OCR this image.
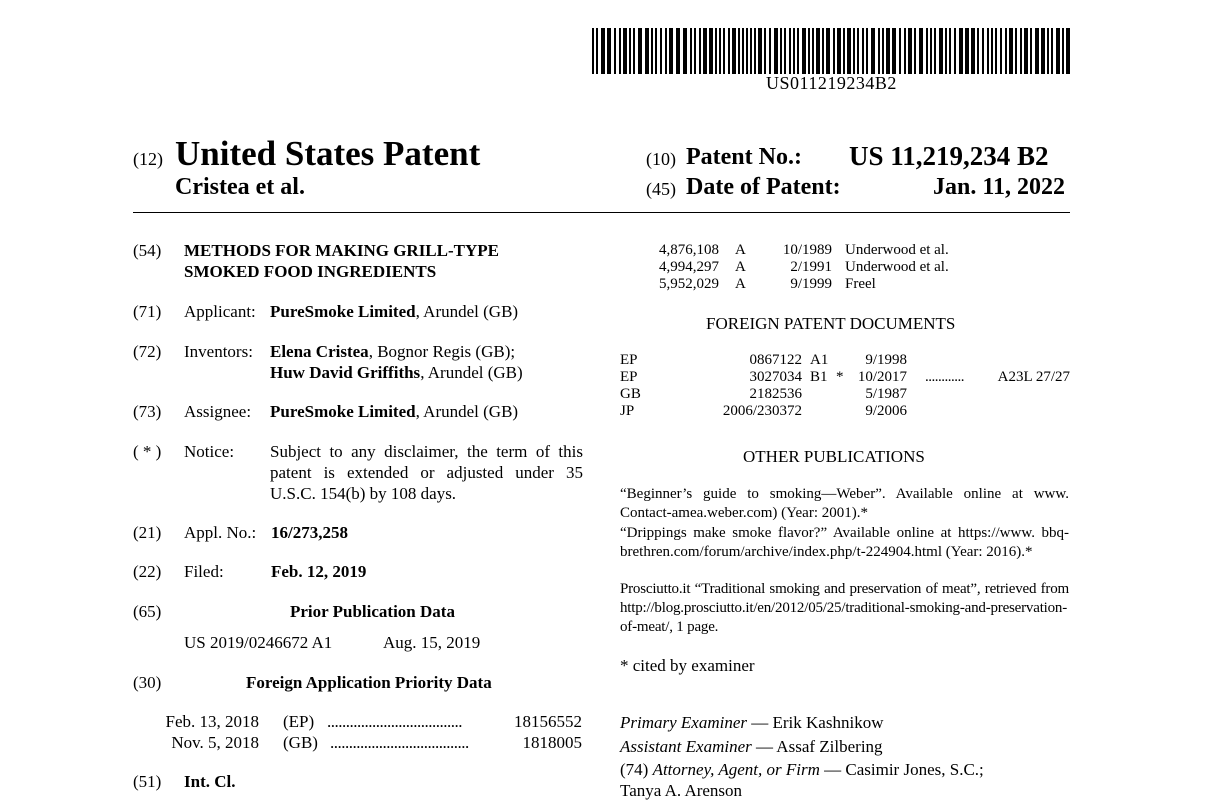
US011219234B2
(12) United States Patent
Cristea et al.
(10) Patent No.: US 11,219,234 B2
(45) Date of Patent:	Jan. 11, 2022
(54) METHODS FOR MAKING GRILL-TYPE
SMOKED FOOD INGREDIENTS
(71) Applicant: PureSmoke Limited, Arundel (GB)
(72) Inventors: Elena Cristea, Bognor Regis (GB);
Huw David Griffiths, Arundel (GB)
(73) Assignee: PureSmoke Limited, Arundel (GB)
( * ) Notice: Subject to any disclaimer, the term of this
patent is extended or adjusted under 35
U.S.C. 154(b) by 108 days.
(21) Appl. No.: 16/273,258
(22) Filed:	Feb. 12, 2019
(65)	Prior Publication Data
US 2019/0246672 A1	Aug. 15, 2019
(30)	Foreign Application Priority Data
Feb. 13, 2018 (EP) ....................................	18156552
Nov. 5, 2018 (GB) .....................................	1818005
(51) Int. Cl.
4,876,108 A	10/1989 Underwood et al.
4,994,297 A	2/1991 Underwood et al.
5,952,029 A	9/1999 Freel
FOREIGN PATENT DOCUMENTS
EP	0867122 A1	9/1998
EP	3027034 B1 * 10/2017 ............	A23L 27/27
GB	2182536	5/1987
JP	2006/230372	9/2006
OTHER PUBLICATIONS
“Beginner’s guide to smoking—Weber”. Available online at www. Contact-amea.weber.com) (Year: 2001).*
“Drippings make smoke flavor?” Available online at https://www. bbq-brethren.com/forum/archive/index.php/t-224904.html (Year: 2016).*
Prosciutto.it “Traditional smoking and preservation of meat”, retrieved from http://blog.prosciutto.it/en/2012/05/25/traditional-smoking-and-preservation-of-meat/, 1 page.
* cited by examiner
Primary Examiner — Erik Kashnikow
Assistant Examiner — Assaf Zilbering
(74) Attorney, Agent, or Firm — Casimir Jones, S.C.;
Tanya A. Arenson
